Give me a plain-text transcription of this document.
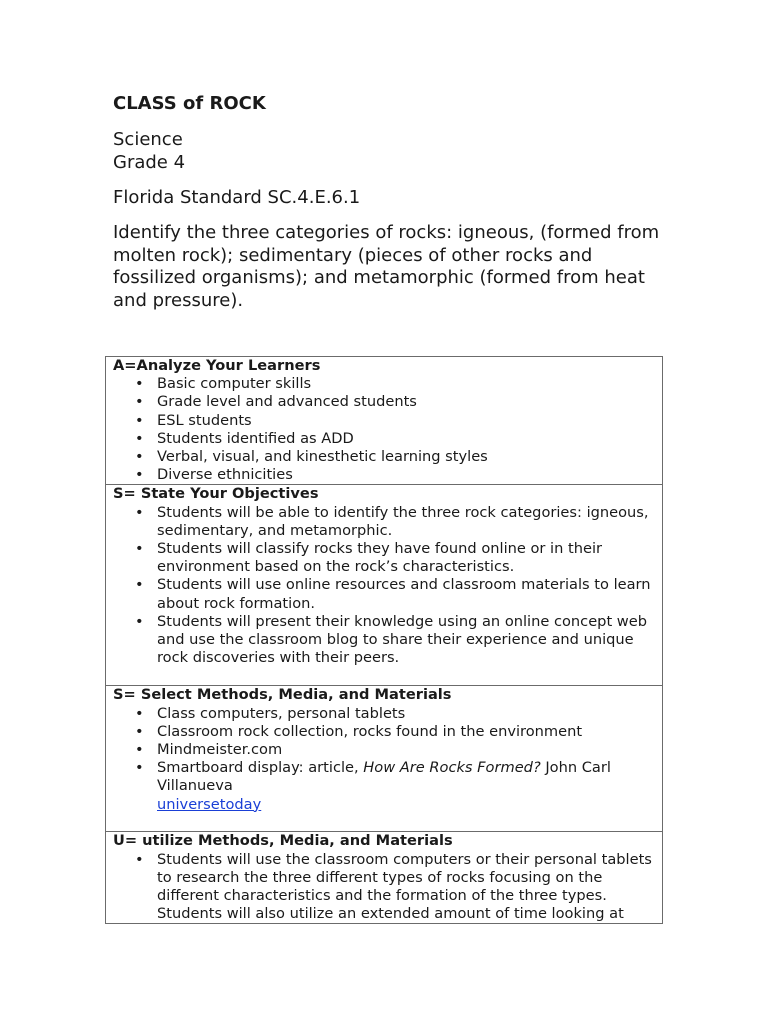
CLASS of ROCK

Science
Grade 4

Florida Standard SC.4.E.6.1

Identify the three categories of rocks: igneous, (formed from molten rock); sedimentary (pieces of other rocks and fossilized organisms); and metamorphic (formed from heat and pressure).

A=Analyze Your Learners

• Basic computer skills
• Grade level and advanced students
• ESL students
• Students identified as ADD
• Verbal, visual, and kinesthetic learning styles
• Diverse ethnicities

S= State Your Objectives

• Students will be able to identify the three rock categories: igneous, sedimentary, and metamorphic.
• Students will classify rocks they have found online or in their environment based on the rock’s characteristics.
• Students will use online resources and classroom materials to learn about rock formation.
• Students will present their knowledge using an online concept web and use the classroom blog to share their experience and unique rock discoveries with their peers.

S= Select Methods, Media, and Materials

• Class computers, personal tablets
• Classroom rock collection, rocks found in the environment
• Mindmeister.com
• Smartboard display: article, How Are Rocks Formed? John Carl Villanueva
universetoday

U= utilize Methods, Media, and Materials

• Students will use the classroom computers or their personal tablets to research the three different types of rocks focusing on the different characteristics and the formation of the three types.
Students will also utilize an extended amount of time looking at
